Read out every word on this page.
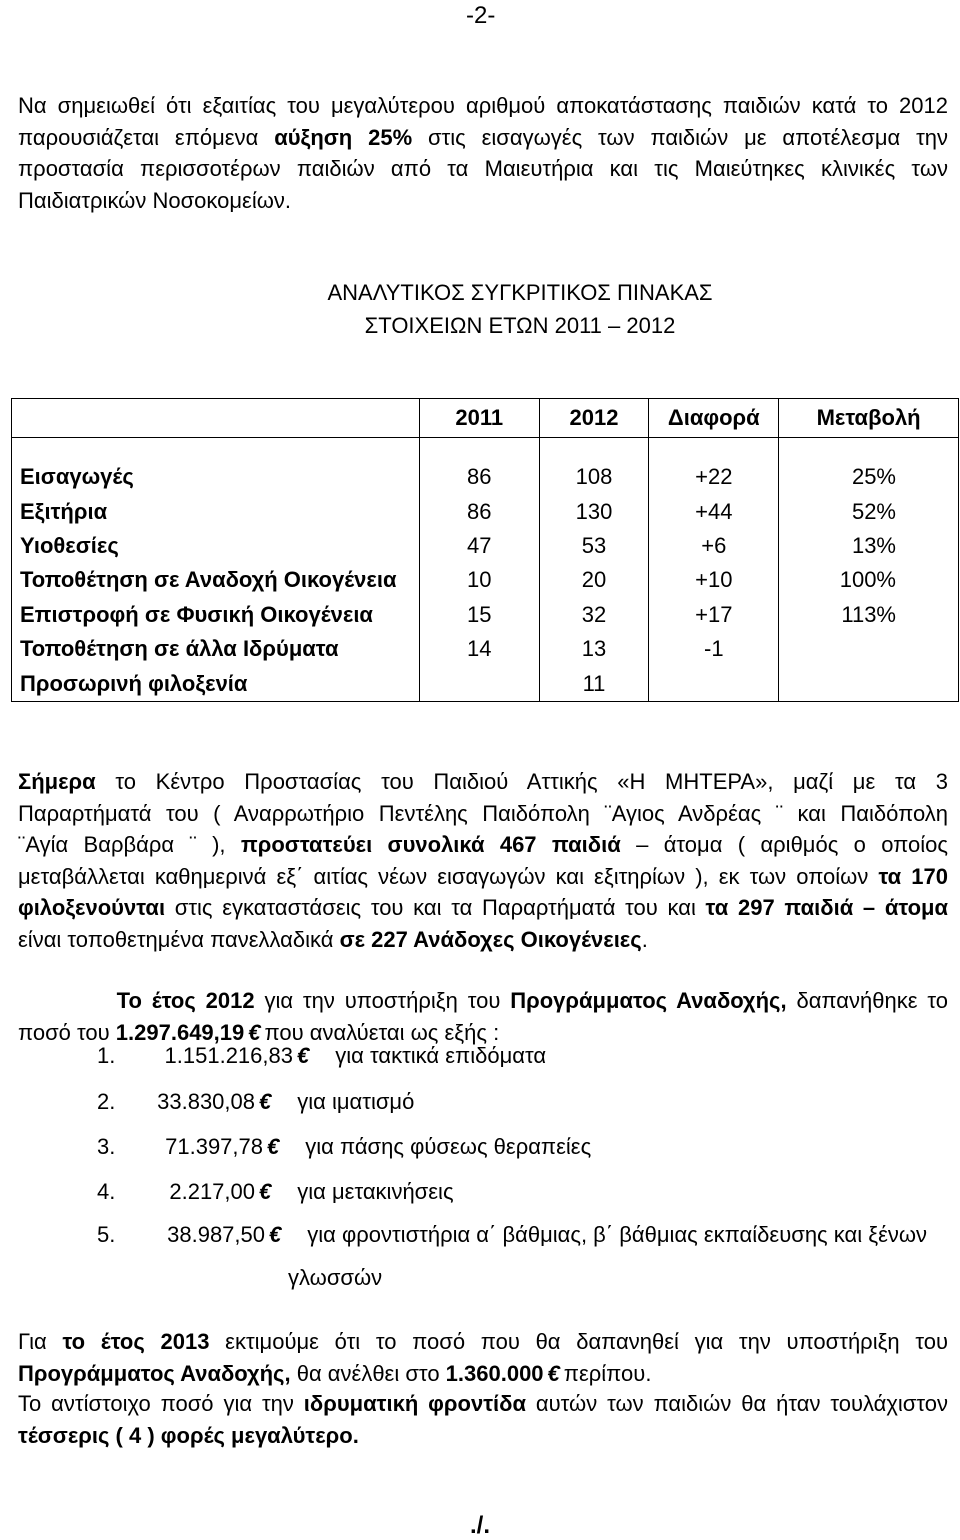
-2-
Να σημειωθεί ότι εξαιτίας του μεγαλύτερου αριθμού αποκατάστασης παιδιών κατά το 2012
παρουσιάζεται επόμενα αύξηση 25% στις εισαγωγές των παιδιών με αποτέλεσμα την
προστασία περισσοτέρων παιδιών από τα Μαιευτήρια και τις Μαιεύτηκες κλινικές των
Παιδιατρικών Νοσοκομείων.
ΑΝΑΛΥΤΙΚΟΣ ΣΥΓΚΡΙΤΙΚΟΣ ΠΙΝΑΚΑΣ
ΣΤΟΙΧΕΙΩΝ ΕΤΩΝ 2011 – 2012
	2011	2012	Διαφορά	Μεταβολή

Εισαγωγές	86	108	+22	25%
Εξιτήρια	86	130	+44	52%
Υιοθεσίες	47	53	+6	13%
Τοποθέτηση σε Αναδοχή Οικογένεια	10	20	+10	100%
Επιστροφή σε Φυσική Οικογένεια	15	32	+17	113%
Τοποθέτηση σε άλλα Ιδρύματα	14	13	-1	
Προσωρινή φιλοξενία		11		
Σήμερα το Κέντρο Προστασίας του Παιδιού Αττικής «Η ΜΗΤΕΡΑ», μαζί με τα 3
Παραρτήματά του ( Αναρρωτήριο Πεντέλης Παιδόπολη ¨Αγιος Ανδρέας ¨ και Παιδόπολη
¨Αγία Βαρβάρα ¨ ), προστατεύει συνολικά 467 παιδιά – άτομα ( αριθμός ο οποίος
μεταβάλλεται καθημερινά εξ΄ αιτίας νέων εισαγωγών και εξιτηρίων ), εκ των οποίων τα 170
φιλοξενούνται στις εγκαταστάσεις του και τα Παραρτήματά του και τα 297 παιδιά – άτομα
είναι τοποθετημένα πανελλαδικά σε 227 Ανάδοχες Οικογένειες.
Το έτος 2012 για την υποστήριξη του Προγράμματος Αναδοχής, δαπανήθηκε το
ποσό του 1.297.649,19 € που αναλύεται ως εξής :
1. 1.151.216,83 € για τακτικά επιδόματα
2. 33.830,08 € για ιματισμό
3. 71.397,78 € για πάσης φύσεως θεραπείες
4. 2.217,00 € για μετακινήσεις
5. 38.987,50 € για φροντιστήρια α΄ βάθμιας, β΄ βάθμιας εκπαίδευσης και ξένων
γλωσσών
Για το έτος 2013 εκτιμούμε ότι το ποσό που θα δαπανηθεί για την υποστήριξη του
Προγράμματος Αναδοχής, θα ανέλθει στο 1.360.000 € περίπου.
Το αντίστοιχο ποσό για την ιδρυματική φροντίδα αυτών των παιδιών θα ήταν τουλάχιστον
τέσσερις ( 4 ) φορές μεγαλύτερο.
./.
